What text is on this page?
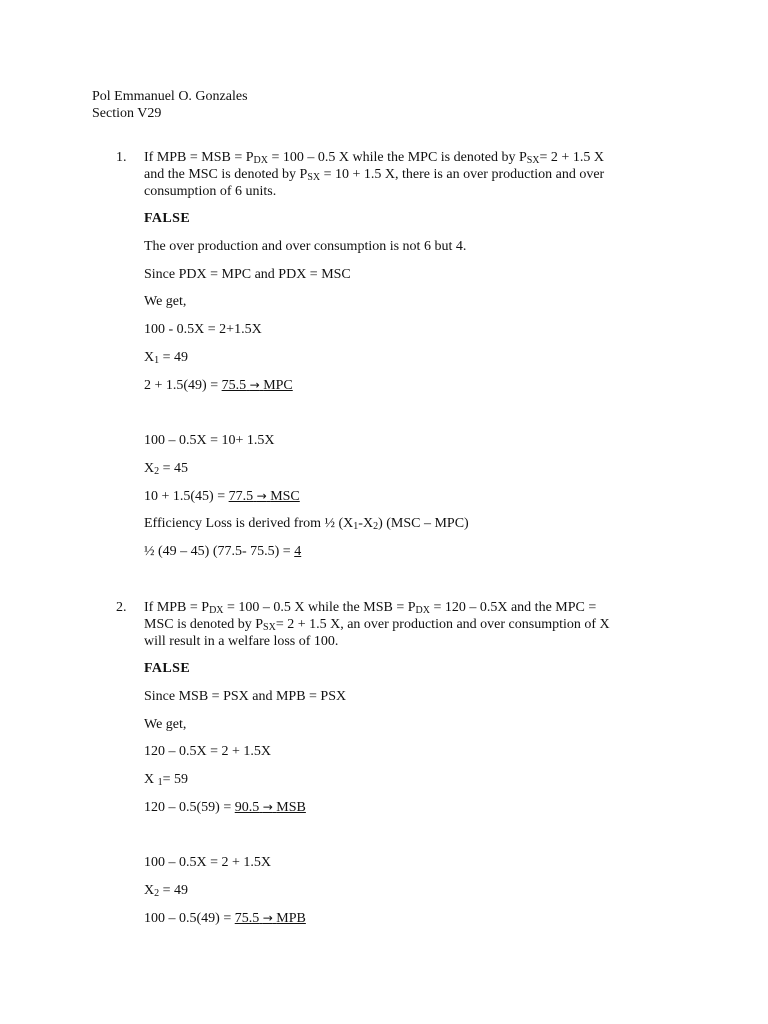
Pol Emmanuel O. Gonzales
Section V29
1. If MPB = MSB = $P_{DX} = 100 - 0.5$ X while the MPC is denoted by $P_{SX}= 2 + 1.5$ X
and the MSC is denoted by $P_{SX} = 10 + 1.5$ X, there is an over production and over
consumption of 6 units.
FALSE
The over production and over consumption is not 6 but 4.
Since PDX = MPC and PDX = MSC
We get,
100 - 0.5X = 2+1.5X
$X_1 = 49$
2 + 1.5(49) = 75.5 → MPC
100 – 0.5X = 10+ 1.5X
$X_2 = 45$
10 + 1.5(45) = 77.5 → MSC
Efficiency Loss is derived from ½ $(X_1-X_2)$ (MSC – MPC)
½ (49 – 45) (77.5- 75.5) = 4
2. If MPB = $P_{DX} = 100 - 0.5$ X while the MSB = $P_{DX} = 120 - 0.5X$ and the MPC =
MSC is denoted by $P_{SX}= 2 + 1.5$ X, an over production and over consumption of X
will result in a welfare loss of 100.
FALSE
Since MSB = PSX and MPB = PSX
We get,
120 – 0.5X = 2 + 1.5X
X $_1$= 59
120 – 0.5(59) = 90.5 → MSB
100 – 0.5X = 2 + 1.5X
$X_2 = 49$
100 – 0.5(49) = 75.5 → MPB
